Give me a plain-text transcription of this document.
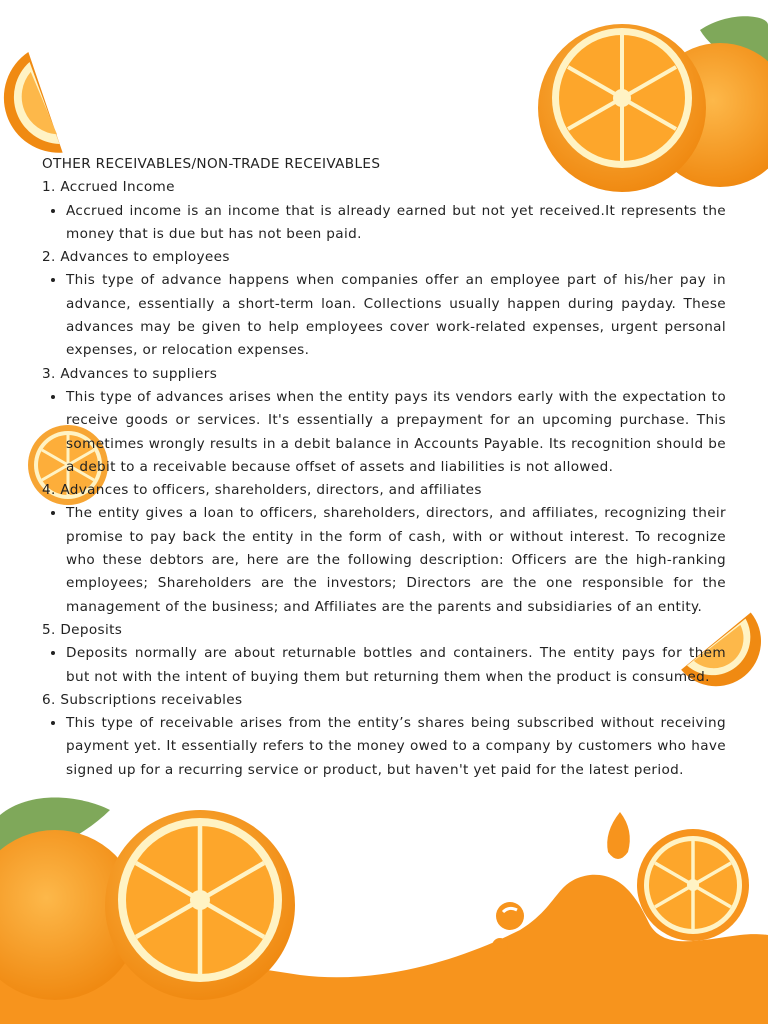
OTHER RECEIVABLES/NON-TRADE RECEIVABLES

1. Accrued Income

• Accrued income is an income that is already earned but not yet received.It represents the money that is due but has not been paid.

2. Advances to employees

• This type of advance happens when companies offer an employee part of his/her pay in advance, essentially a short-term loan. Collections usually happen during payday. These advances may be given to help employees cover work-related expenses, urgent personal expenses, or relocation expenses.

3. Advances to suppliers

• This type of advances arises when the entity pays its vendors early with the expectation to receive goods or services. It's essentially a prepayment for an upcoming purchase. This sometimes wrongly results in a debit balance in Accounts Payable. Its recognition should be a debit to a receivable because offset of assets and liabilities is not allowed.

4. Advances to officers, shareholders, directors, and affiliates

• The entity gives a loan to officers, shareholders, directors, and affiliates, recognizing their promise to pay back the entity in the form of cash, with or without interest. To recognize who these debtors are, here are the following description: Officers are the high-ranking employees; Shareholders are the investors; Directors are the one responsible for the management of the business; and Affiliates are the parents and subsidiaries of an entity.

5. Deposits

• Deposits normally are about returnable bottles and containers. The entity pays for them but not with the intent of buying them but returning them when the product is consumed.

6. Subscriptions receivables

• This type of receivable arises from the entity’s shares being subscribed without receiving payment yet. It essentially refers to the money owed to a company by customers who have signed up for a recurring service or product, but haven't yet paid for the latest period.
